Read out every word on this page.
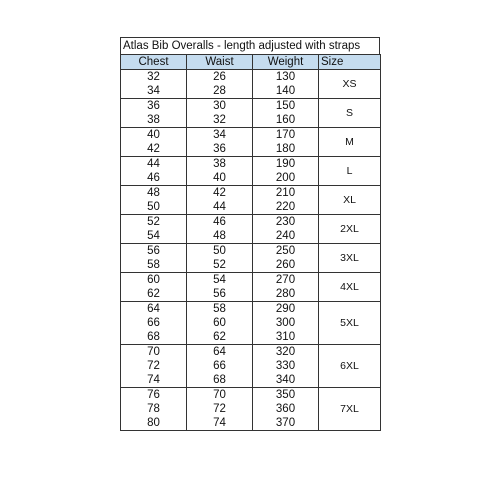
Atlas Bib Overalls - length adjusted with straps
Chest	Waist	Weight	Size
32	26	130	XS
34	28	140	
36	30	150	S
38	32	160	
40	34	170	M
42	36	180	
44	38	190	L
46	40	200	
48	42	210	XL
50	44	220	
52	46	230	2XL
54	48	240	
56	50	250	3XL
58	52	260	
60	54	270	4XL
62	56	280	
64	58	290	5XL
66	60	300	
68	62	310	
70	64	320	6XL
72	66	330	
74	68	340	
76	70	350	7XL
78	72	360	
80	74	370	
